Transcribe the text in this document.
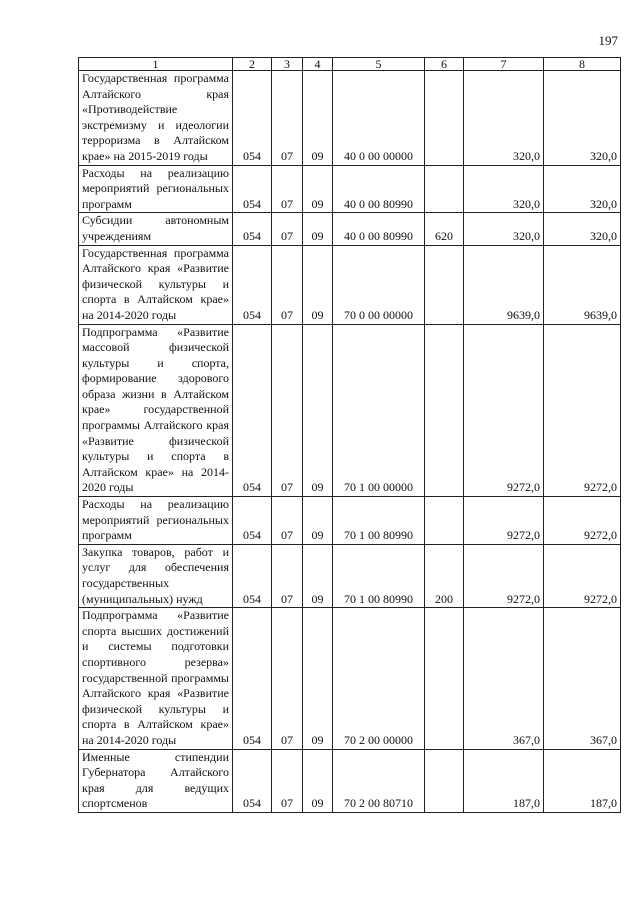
197
1	2	3	4	5	6	7	8
Государственная программа Алтайского края «Противодействие экстремизму и идеологии терроризма в Алтайском крае» на 2015-2019 годы	054	07	09	40 0 00 00000		320,0	320,0
Расходы на реализацию мероприятий региональных программ	054	07	09	40 0 00 80990		320,0	320,0
Субсидии автономным учреждениям	054	07	09	40 0 00 80990	620	320,0	320,0
Государственная программа Алтайского края «Развитие физической культуры и спорта в Алтайском крае» на 2014-2020 годы	054	07	09	70 0 00 00000		9639,0	9639,0
Подпрограмма «Развитие массовой физической культуры и спорта, формирование здорового образа жизни в Алтайском крае» государственной программы Алтайского края «Развитие физической культуры и спорта в Алтайском крае» на 2014-2020 годы	054	07	09	70 1 00 00000		9272,0	9272,0
Расходы на реализацию мероприятий региональных программ	054	07	09	70 1 00 80990		9272,0	9272,0
Закупка товаров, работ и услуг для обеспечения государственных (муниципальных) нужд	054	07	09	70 1 00 80990	200	9272,0	9272,0
Подпрограмма «Развитие спорта высших достижений и системы подготовки спортивного резерва» государственной программы Алтайского края «Развитие физической культуры и спорта в Алтайском крае» на 2014-2020 годы	054	07	09	70 2 00 00000		367,0	367,0
Именные стипендии Губернатора Алтайского края для ведущих спортсменов	054	07	09	70 2 00 80710		187,0	187,0
